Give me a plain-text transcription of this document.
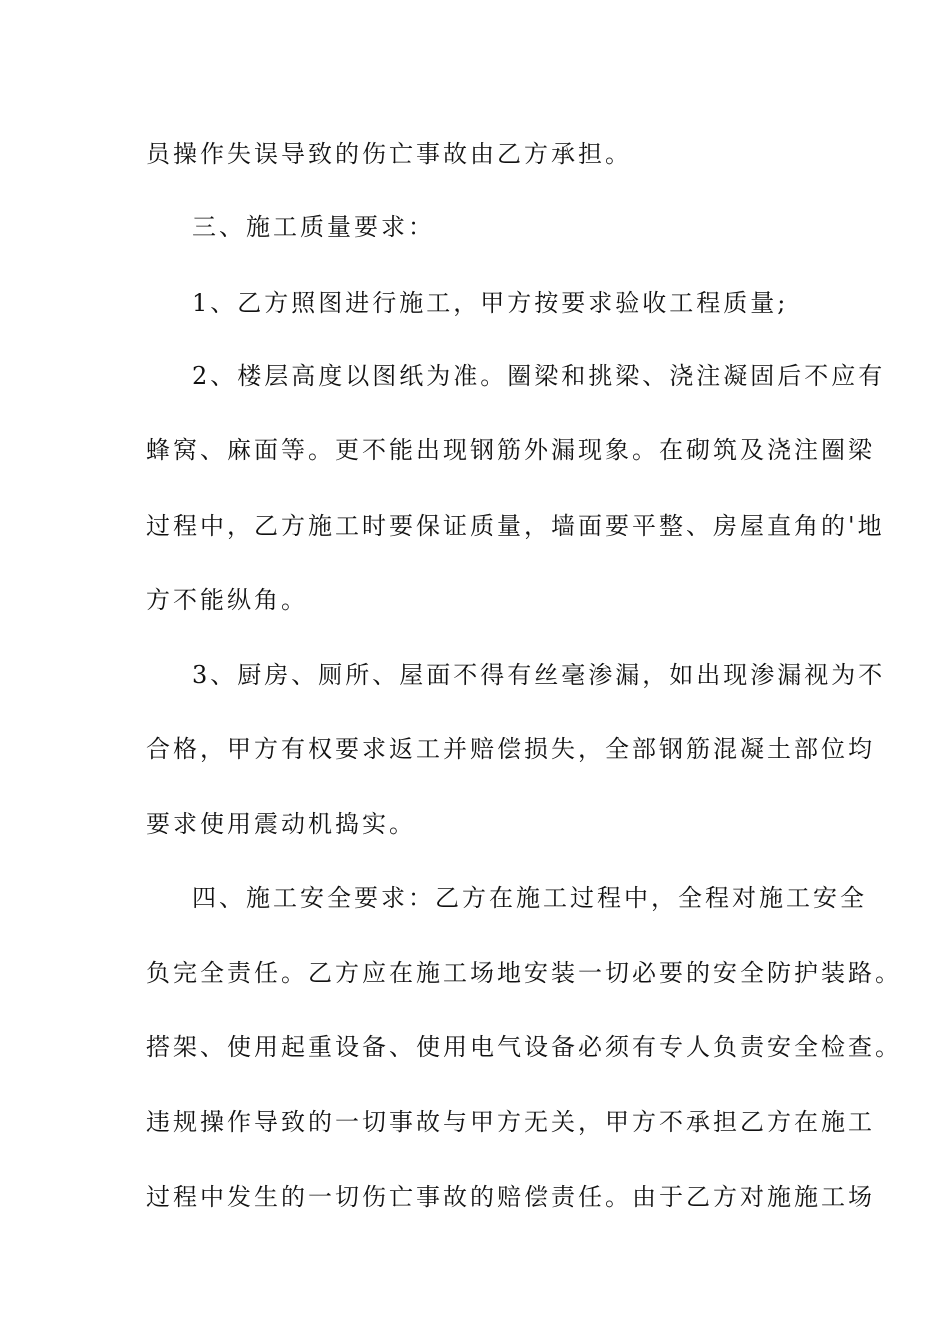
员操作失误导致的伤亡事故由乙方承担。
三、施工质量要求：
1、乙方照图进行施工，甲方按要求验收工程质量;
2、楼层高度以图纸为准。圈梁和挑梁、浇注凝固后不应有
蜂窝、麻面等。更不能出现钢筋外漏现象。在砌筑及浇注圈梁
过程中，乙方施工时要保证质量，墙面要平整、房屋直角的'地
方不能纵角。
3、厨房、厕所、屋面不得有丝毫渗漏，如出现渗漏视为不
合格，甲方有权要求返工并赔偿损失，全部钢筋混凝土部位均
要求使用震动机捣实。
四、施工安全要求：乙方在施工过程中，全程对施工安全
负完全责任。乙方应在施工场地安装一切必要的安全防护装路。
搭架、使用起重设备、使用电气设备必须有专人负责安全检查。
违规操作导致的一切事故与甲方无关，甲方不承担乙方在施工
过程中发生的一切伤亡事故的赔偿责任。由于乙方对施施工场
